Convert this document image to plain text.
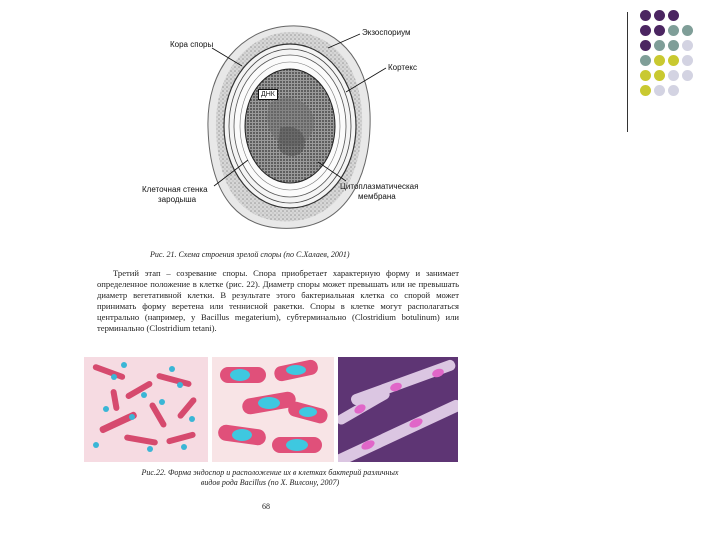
Кора споры
Экзоспориум
Кортекс
ДНК
Клеточная стенка
зародыша
Цитоплазматическая
мембрана
Рис. 21. Схема строения зрелой споры (по С.Халаев, 2001)

Третий этап – созревание споры. Спора приобретает характерную форму и занимает определенное положение в клетке (рис. 22). Диаметр споры может превышать или не превышать диаметр вегетативной клетки. В результате этого бактериальная клетка со спорой может принимать форму веретена или теннисной ракетки. Споры в клетке могут располагаться центрально (например, у Bacillus megaterium), субтерминально (Clostridium botulinum) или терминально (Clostridium tetani).

Рис.22. Форма эндоспор и расположение их в клетках бактерий различных
видов рода Bacillus (по Х. Вилсону, 2007)
68
